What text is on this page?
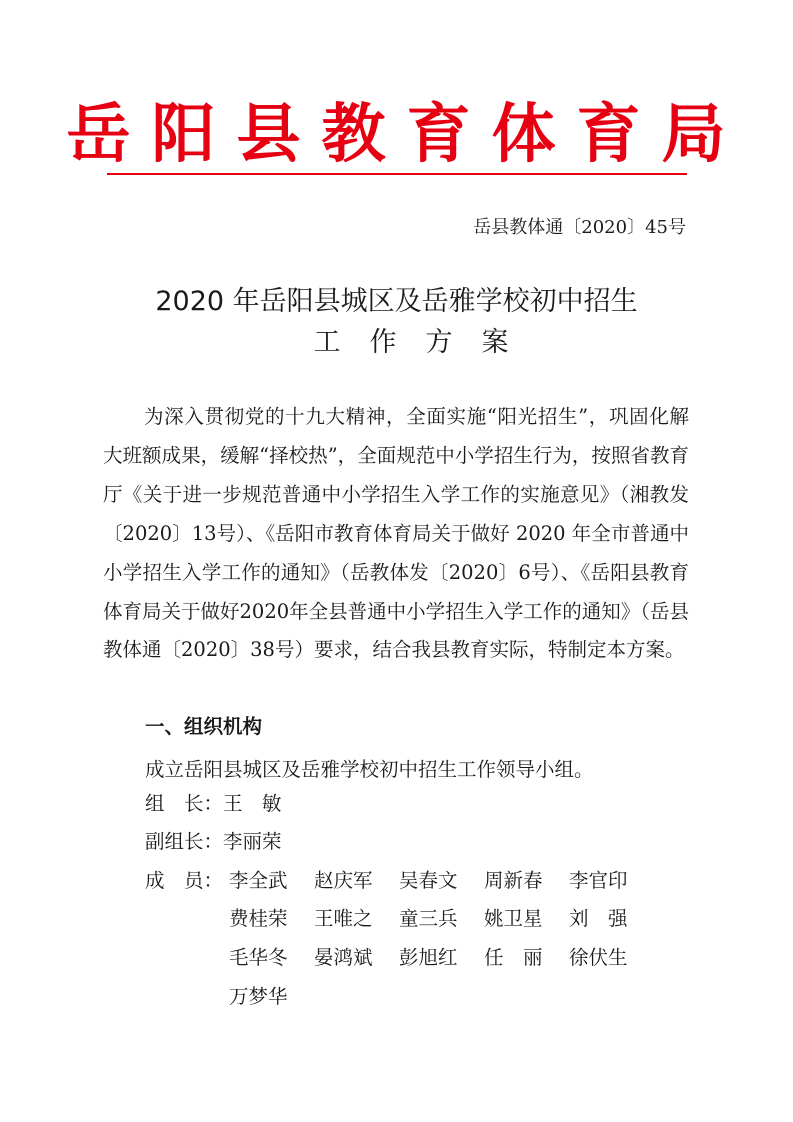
岳阳县教育体育局
岳县教体通〔2020〕45号
2020 年岳阳县城区及岳雅学校初中招生
工作方案
为深入贯彻党的十九大精神，全面实施“阳光招生”，巩固化解大班额成果，缓解“择校热”，全面规范中小学招生行为，按照省教育厅《关于进一步规范普通中小学招生入学工作的实施意见》（湘教发〔2020〕13号）、《岳阳市教育体育局关于做好 2020 年全市普通中小学招生入学工作的通知》（岳教体发〔2020〕6号）、《岳阳县教育体育局关于做好2020年全县普通中小学招生入学工作的通知》（岳县教体通〔2020〕38号）要求，结合我县教育实际，特制定本方案。
一、组织机构
成立岳阳县城区及岳雅学校初中招生工作领导小组。
组　长：王　敏
副组长：李丽荣
成　员： 李全武	赵庆军	吴春文	周新春	李官印
费桂荣	王唯之	童三兵	姚卫星	刘　强
毛华冬	晏鸿斌	彭旭红	任　丽	徐伏生
万梦华
